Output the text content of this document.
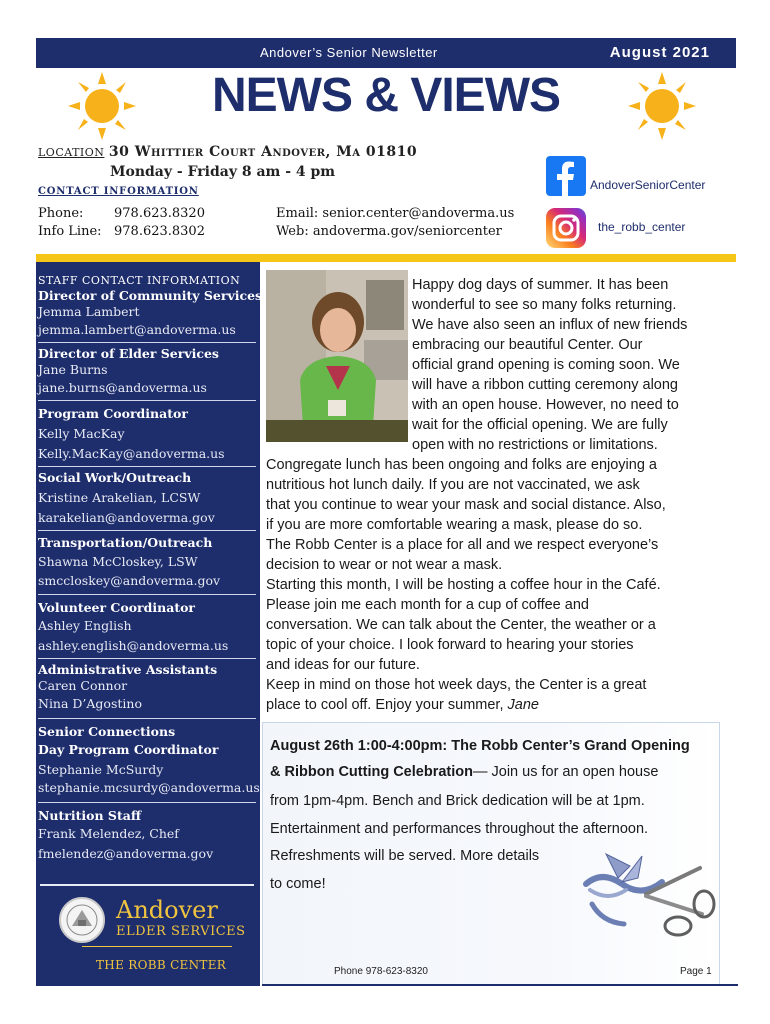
Andover’s Senior Newsletter	August 2021
NEWS & VIEWS
LOCATION 30 Whittier Court Andover, Ma 01810
Monday - Friday 8 am - 4 pm
CONTACT INFORMATION
Phone: 978.623.8320
Info Line: 978.623.8302
Email: senior.center@andoverma.us
Web: andoverma.gov/seniorcenter
AndoverSeniorCenter
the_robb_center
STAFF CONTACT INFORMATION
Director of Community Services
Jemma Lambert
jemma.lambert@andoverma.us
Director of Elder Services
Jane Burns
jane.burns@andoverma.us
Program Coordinator
Kelly MacKay
Kelly.MacKay@andoverma.us
Social Work/Outreach
Kristine Arakelian, LCSW
karakelian@andoverma.gov
Transportation/Outreach
Shawna McCloskey, LSW
smccloskey@andoverma.gov
Volunteer Coordinator
Ashley English
ashley.english@andoverma.us
Administrative Assistants
Caren Connor
Nina D’Agostino
Senior Connections
Day Program Coordinator
Stephanie McSurdy
stephanie.mcsurdy@andoverma.us
Nutrition Staff
Frank Melendez, Chef
fmelendez@andoverma.gov
Andover
ELDER SERVICES
THE ROBB CENTER
Happy dog days of summer. It has been
wonderful to see so many folks returning.
We have also seen an influx of new friends
embracing our beautiful Center. Our
official grand opening is coming soon. We
will have a ribbon cutting ceremony along
with an open house. However, no need to
wait for the official opening. We are fully
open with no restrictions or limitations.
Congregate lunch has been ongoing and folks are enjoying a
nutritious hot lunch daily. If you are not vaccinated, we ask
that you continue to wear your mask and social distance. Also,
if you are more comfortable wearing a mask, please do so.
The Robb Center is a place for all and we respect everyone’s
decision to wear or not wear a mask.
Starting this month, I will be hosting a coffee hour in the Café.
Please join me each month for a cup of coffee and
conversation. We can talk about the Center, the weather or a
topic of your choice. I look forward to hearing your stories
and ideas for our future.
Keep in mind on those hot week days, the Center is a great
place to cool off. Enjoy your summer, Jane
August 26th 1:00-4:00pm: The Robb Center’s Grand Opening
& Ribbon Cutting Celebration— Join us for an open house
from 1pm-4pm. Bench and Brick dedication will be at 1pm.
Entertainment and performances throughout the afternoon.
Refreshments will be served. More details
to come!
Phone 978-623-8320	Page 1
